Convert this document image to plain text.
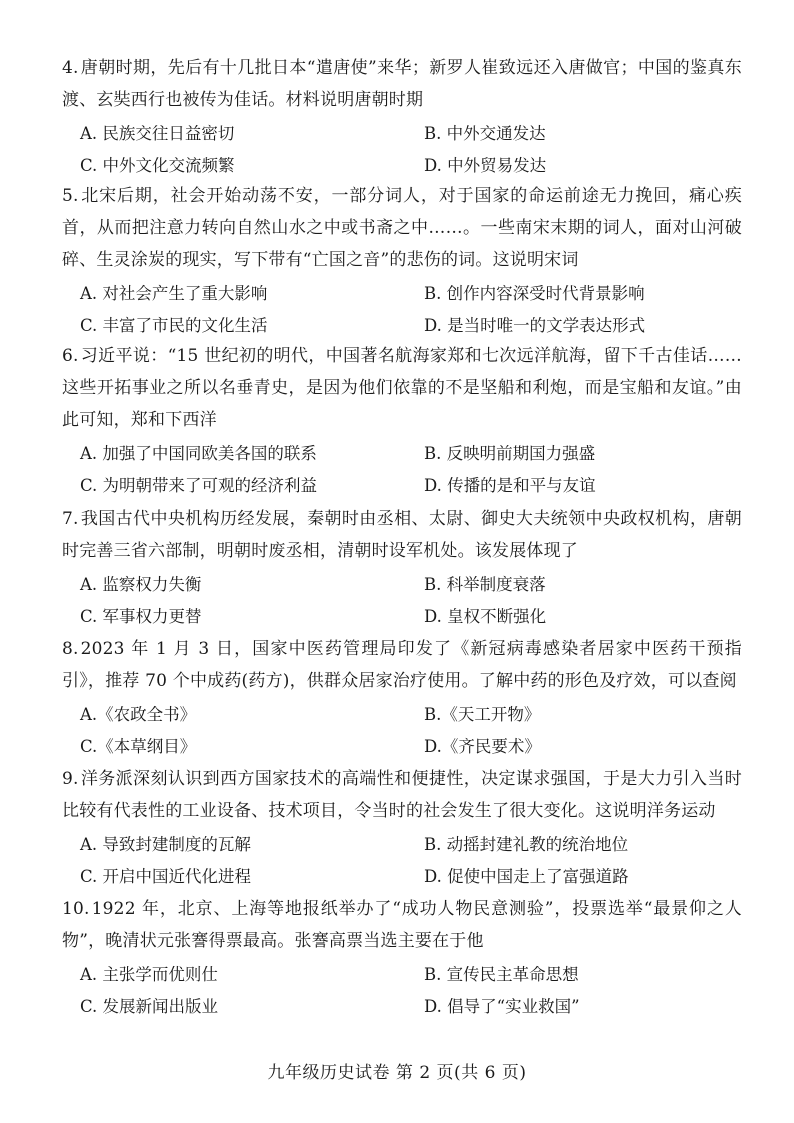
4. 唐朝时期，先后有十几批日本“遣唐使”来华；新罗人崔致远还入唐做官；中国的鉴真东渡、玄奘西行也被传为佳话。材料说明唐朝时期

A. 民族交往日益密切	B. 中外交通发达
C. 中外文化交流频繁	D. 中外贸易发达

5. 北宋后期，社会开始动荡不安，一部分词人，对于国家的命运前途无力挽回，痛心疾首，从而把注意力转向自然山水之中或书斋之中……。一些南宋末期的词人，面对山河破碎、生灵涂炭的现实，写下带有“亡国之音”的悲伤的词。这说明宋词

A. 对社会产生了重大影响	B. 创作内容深受时代背景影响
C. 丰富了市民的文化生活	D. 是当时唯一的文学表达形式

6. 习近平说：“15 世纪初的明代，中国著名航海家郑和七次远洋航海，留下千古佳话……这些开拓事业之所以名垂青史，是因为他们依靠的不是坚船和利炮，而是宝船和友谊。”由此可知，郑和下西洋

A. 加强了中国同欧美各国的联系	B. 反映明前期国力强盛
C. 为明朝带来了可观的经济利益	D. 传播的是和平与友谊

7. 我国古代中央机构历经发展，秦朝时由丞相、太尉、御史大夫统领中央政权机构，唐朝时完善三省六部制，明朝时废丞相，清朝时设军机处。该发展体现了

A. 监察权力失衡	B. 科举制度衰落
C. 军事权力更替	D. 皇权不断强化

8. 2023 年 1 月 3 日，国家中医药管理局印发了《新冠病毒感染者居家中医药干预指引》，推荐 70 个中成药(药方)，供群众居家治疗使用。了解中药的形色及疗效，可以查阅

A.《农政全书》	B.《天工开物》
C.《本草纲目》	D.《齐民要术》

9. 洋务派深刻认识到西方国家技术的高端性和便捷性，决定谋求强国，于是大力引入当时比较有代表性的工业设备、技术项目，令当时的社会发生了很大变化。这说明洋务运动

A. 导致封建制度的瓦解	B. 动摇封建礼教的统治地位
C. 开启中国近代化进程	D. 促使中国走上了富强道路

10. 1922 年，北京、上海等地报纸举办了“成功人物民意测验”，投票选举“最景仰之人物”，晚清状元张謇得票最高。张謇高票当选主要在于他

A. 主张学而优则仕	B. 宣传民主革命思想
C. 发展新闻出版业	D. 倡导了“实业救国”
九年级历史试卷 第 2 页(共 6 页)
